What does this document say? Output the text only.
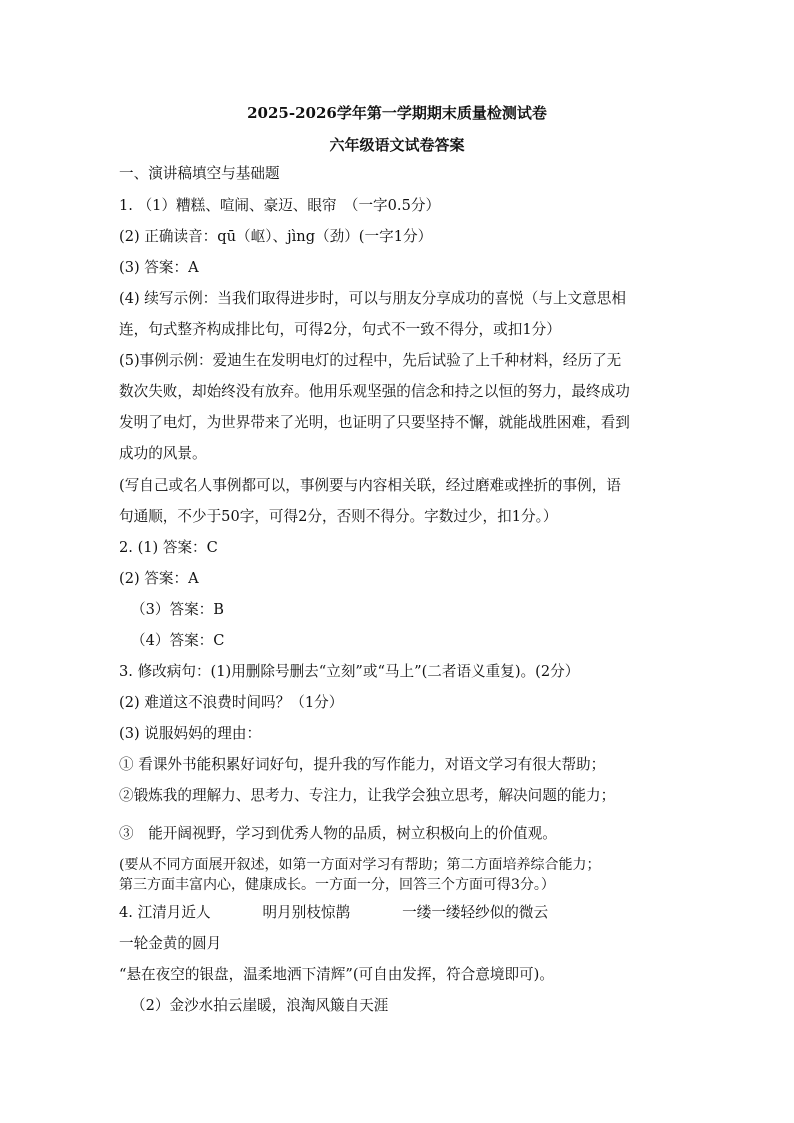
2025-2026学年第一学期期末质量检测试卷
六年级语文试卷答案
一、演讲稿填空与基础题
1. （1）糟糕、喧闹、豪迈、眼帘　（一字0.5分）
(2) 正确读音：qū（岖）、jìng（劲）(一字1分）
(3) 答案：A
(4) 续写示例：当我们取得进步时，可以与朋友分享成功的喜悦（与上文意思相
连，句式整齐构成排比句，可得2分，句式不一致不得分，或扣1分）
(5)事例示例：爱迪生在发明电灯的过程中，先后试验了上千种材料，经历了无
数次失败，却始终没有放弃。他用乐观坚强的信念和持之以恒的努力，最终成功
发明了电灯，为世界带来了光明，也证明了只要坚持不懈，就能战胜困难，看到
成功的风景。
(写自己或名人事例都可以，事例要与内容相关联，经过磨难或挫折的事例，语
句通顺，不少于50字，可得2分，否则不得分。字数过少，扣1分。）
2. (1) 答案：C
(2) 答案：A
（3）答案：B
（4）答案：C
3. 修改病句：(1)用删除号删去“立刻”或“马上”(二者语义重复)。(2分）
(2) 难道这不浪费时间吗？（1分）
(3) 说服妈妈的理由：
① 看课外书能积累好词好句，提升我的写作能力，对语文学习有很大帮助；
②锻炼我的理解力、思考力、专注力，让我学会独立思考，解决问题的能力；
③　能开阔视野，学习到优秀人物的品质，树立积极向上的价值观。
(要从不同方面展开叙述，如第一方面对学习有帮助；第二方面培养综合能力；
第三方面丰富内心，健康成长。一方面一分，回答三个方面可得3分。）
4. 江清月近人	明月别枝惊鹊	一缕一缕轻纱似的微云
一轮金黄的圆月
“悬在夜空的银盘，温柔地洒下清辉”(可自由发挥，符合意境即可)。
（2）金沙水拍云崖暖，浪淘风簸自天涯
